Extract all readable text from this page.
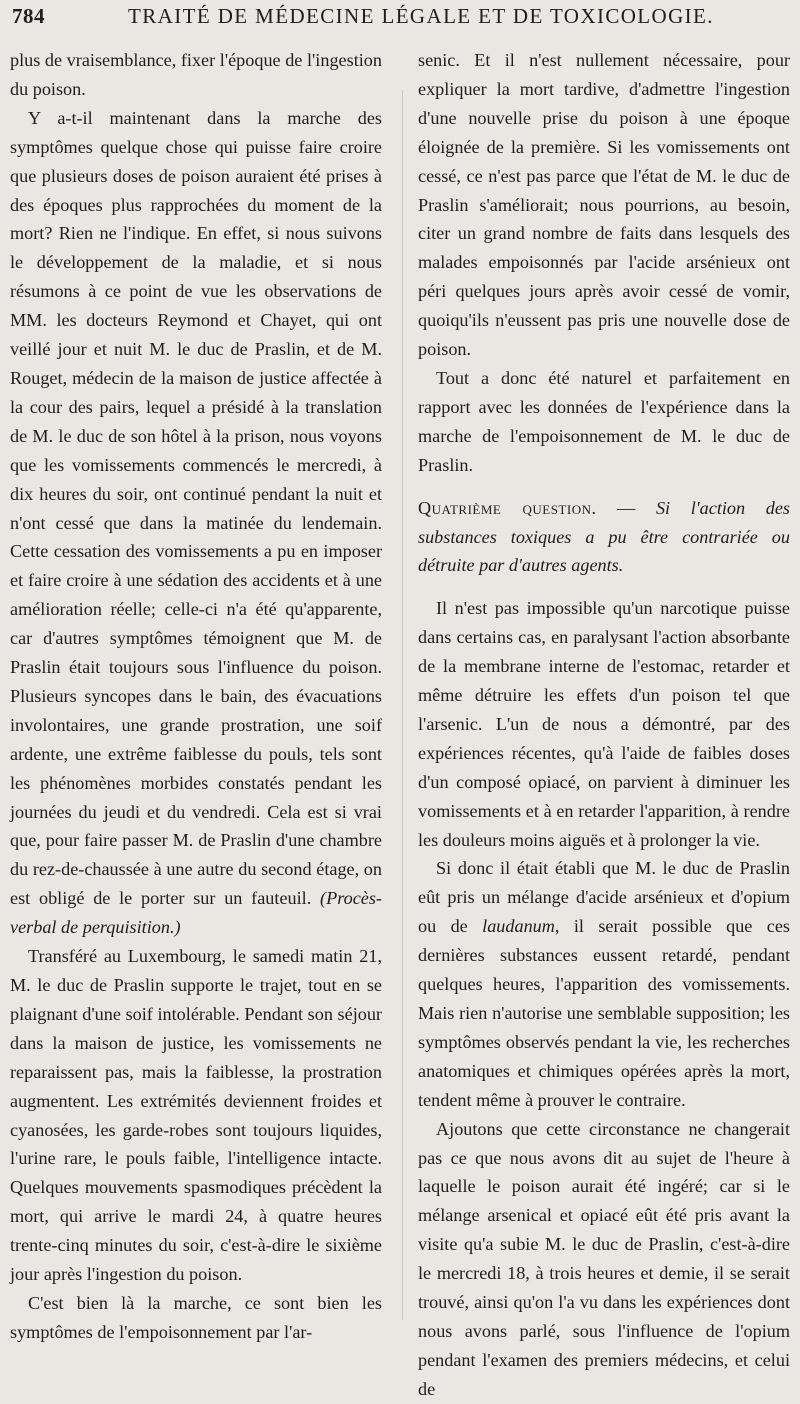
784	TRAITÉ DE MÉDECINE LÉGALE ET DE TOXICOLOGIE.

plus de vraisemblance, fixer l'époque de l'ingestion du poison.

Y a-t-il maintenant dans la marche des symptômes quelque chose qui puisse faire croire que plusieurs doses de poison auraient été prises à des époques plus rapprochées du moment de la mort? Rien ne l'indique. En effet, si nous suivons le développement de la maladie, et si nous résumons à ce point de vue les observations de MM. les docteurs Reymond et Chayet, qui ont veillé jour et nuit M. le duc de Praslin, et de M. Rouget, médecin de la maison de justice affectée à la cour des pairs, lequel a présidé à la translation de M. le duc de son hôtel à la prison, nous voyons que les vomissements commencés le mercredi, à dix heures du soir, ont continué pendant la nuit et n'ont cessé que dans la matinée du lendemain. Cette cessation des vomissements a pu en imposer et faire croire à une sédation des accidents et à une amélioration réelle; celle-ci n'a été qu'apparente, car d'autres symptômes témoignent que M. de Praslin était toujours sous l'influence du poison. Plusieurs syncopes dans le bain, des évacuations involontaires, une grande prostration, une soif ardente, une extrême faiblesse du pouls, tels sont les phénomènes morbides constatés pendant les journées du jeudi et du vendredi. Cela est si vrai que, pour faire passer M. de Praslin d'une chambre du rez-de-chaussée à une autre du second étage, on est obligé de le porter sur un fauteuil. (Procès-verbal de perquisition.)

Transféré au Luxembourg, le samedi matin 21, M. le duc de Praslin supporte le trajet, tout en se plaignant d'une soif intolérable. Pendant son séjour dans la maison de justice, les vomissements ne reparaissent pas, mais la faiblesse, la prostration augmentent. Les extrémités deviennent froides et cyanosées, les garde-robes sont toujours liquides, l'urine rare, le pouls faible, l'intelligence intacte. Quelques mouvements spasmodiques précèdent la mort, qui arrive le mardi 24, à quatre heures trente-cinq minutes du soir, c'est-à-dire le sixième jour après l'ingestion du poison.

C'est bien là la marche, ce sont bien les symptômes de l'empoisonnement par l'ar-

senic. Et il n'est nullement nécessaire, pour expliquer la mort tardive, d'admettre l'ingestion d'une nouvelle prise du poison à une époque éloignée de la première. Si les vomissements ont cessé, ce n'est pas parce que l'état de M. le duc de Praslin s'améliorait; nous pourrions, au besoin, citer un grand nombre de faits dans lesquels des malades empoisonnés par l'acide arsénieux ont péri quelques jours après avoir cessé de vomir, quoiqu'ils n'eussent pas pris une nouvelle dose de poison.

Tout a donc été naturel et parfaitement en rapport avec les données de l'expérience dans la marche de l'empoisonnement de M. le duc de Praslin.

Quatrième question. — Si l'action des substances toxiques a pu être contrariée ou détruite par d'autres agents.

Il n'est pas impossible qu'un narcotique puisse dans certains cas, en paralysant l'action absorbante de la membrane interne de l'estomac, retarder et même détruire les effets d'un poison tel que l'arsenic. L'un de nous a démontré, par des expériences récentes, qu'à l'aide de faibles doses d'un composé opiacé, on parvient à diminuer les vomissements et à en retarder l'apparition, à rendre les douleurs moins aiguës et à prolonger la vie.

Si donc il était établi que M. le duc de Praslin eût pris un mélange d'acide arsénieux et d'opium ou de laudanum, il serait possible que ces dernières substances eussent retardé, pendant quelques heures, l'apparition des vomissements. Mais rien n'autorise une semblable supposition; les symptômes observés pendant la vie, les recherches anatomiques et chimiques opérées après la mort, tendent même à prouver le contraire.

Ajoutons que cette circonstance ne changerait pas ce que nous avons dit au sujet de l'heure à laquelle le poison aurait été ingéré; car si le mélange arsenical et opiacé eût été pris avant la visite qu'a subie M. le duc de Praslin, c'est-à-dire le mercredi 18, à trois heures et demie, il se serait trouvé, ainsi qu'on l'a vu dans les expériences dont nous avons parlé, sous l'influence de l'opium pendant l'examen des premiers médecins, et celui de
